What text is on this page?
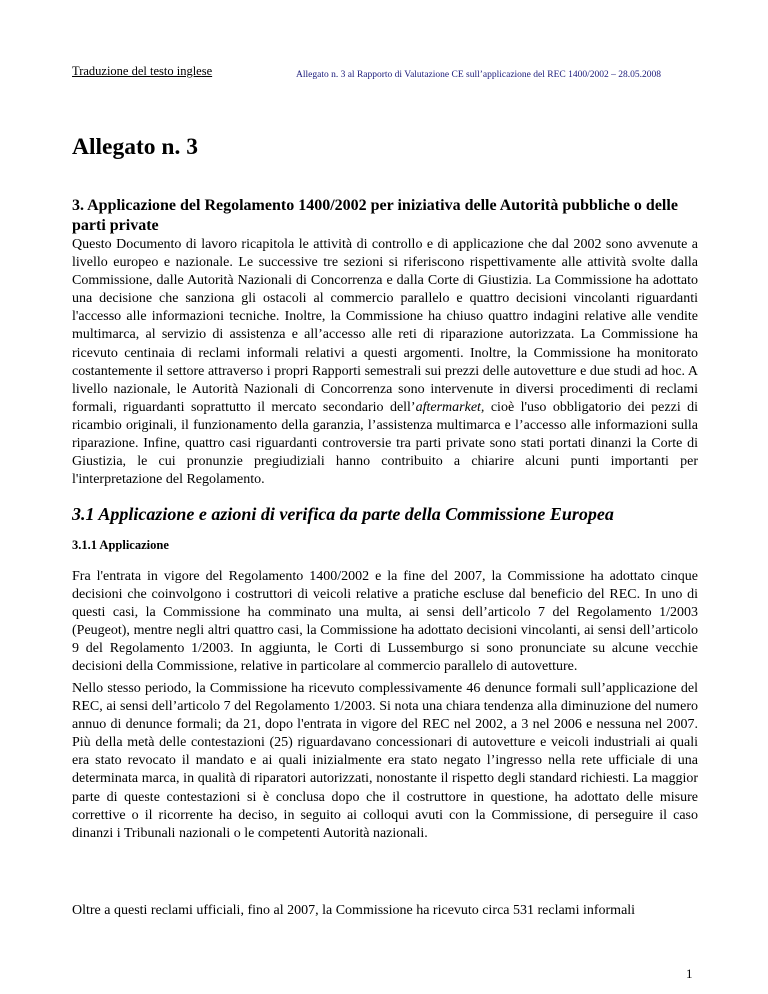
Traduzione del testo inglese	Allegato n. 3 al Rapporto di Valutazione CE sull’applicazione del REC 1400/2002 – 28.05.2008
Allegato n. 3
3. Applicazione del Regolamento 1400/2002 per iniziativa delle Autorità pubbliche o delle parti private

Questo Documento di lavoro ricapitola le attività di controllo e di applicazione che dal 2002 sono avvenute a livello europeo e nazionale. Le successive tre sezioni si riferiscono rispettivamente alle attività svolte dalla Commissione, dalle Autorità Nazionali di Concorrenza e dalla Corte di Giustizia. La Commissione ha adottato una decisione che sanziona gli ostacoli al commercio parallelo e quattro decisioni vincolanti riguardanti l'accesso alle informazioni tecniche. Inoltre, la Commissione ha chiuso quattro indagini relative alle vendite multimarca, al servizio di assistenza e all’accesso alle reti di riparazione autorizzata. La Commissione ha ricevuto centinaia di reclami informali relativi a questi argomenti. Inoltre, la Commissione ha monitorato costantemente il settore attraverso i propri Rapporti semestrali sui prezzi delle autovetture e due studi ad hoc. A livello nazionale, le Autorità Nazionali di Concorrenza sono intervenute in diversi procedimenti di reclami formali, riguardanti soprattutto il mercato secondario dell’aftermarket, cioè l'uso obbligatorio dei pezzi di ricambio originali, il funzionamento della garanzia, l’assistenza multimarca e l’accesso alle informazioni sulla riparazione. Infine, quattro casi riguardanti controversie tra parti private sono stati portati dinanzi la Corte di Giustizia, le cui pronunzie pregiudiziali hanno contribuito a chiarire alcuni punti importanti per l'interpretazione del Regolamento.

3.1 Applicazione e azioni di verifica da parte della Commissione Europea
3.1.1 Applicazione

Fra l'entrata in vigore del Regolamento 1400/2002 e la fine del 2007, la Commissione ha adottato cinque decisioni che coinvolgono i costruttori di veicoli relative a pratiche escluse dal beneficio del REC. In uno di questi casi, la Commissione ha comminato una multa, ai sensi dell’articolo 7 del Regolamento 1/2003 (Peugeot), mentre negli altri quattro casi, la Commissione ha adottato decisioni vincolanti, ai sensi dell’articolo 9 del Regolamento 1/2003. In aggiunta, le Corti di Lussemburgo si sono pronunciate su alcune vecchie decisioni della Commissione, relative in particolare al commercio parallelo di autovetture.

Nello stesso periodo, la Commissione ha ricevuto complessivamente 46 denunce formali sull’applicazione del REC, ai sensi dell’articolo 7 del Regolamento 1/2003. Si nota una chiara tendenza alla diminuzione del numero annuo di denunce formali; da 21, dopo l'entrata in vigore del REC nel 2002, a 3 nel 2006 e nessuna nel 2007. Più della metà delle contestazioni (25) riguardavano concessionari di autovetture e veicoli industriali ai quali era stato revocato il mandato e ai quali inizialmente era stato negato l’ingresso nella rete ufficiale di una determinata marca, in qualità di riparatori autorizzati, nonostante il rispetto degli standard richiesti. La maggior parte di queste contestazioni si è conclusa dopo che il costruttore in questione, ha adottato delle misure correttive o il ricorrente ha deciso, in seguito ai colloqui avuti con la Commissione, di perseguire il caso dinanzi i Tribunali nazionali o le competenti Autorità nazionali.

Oltre a questi reclami ufficiali, fino al 2007, la Commissione ha ricevuto circa 531 reclami informali

1
